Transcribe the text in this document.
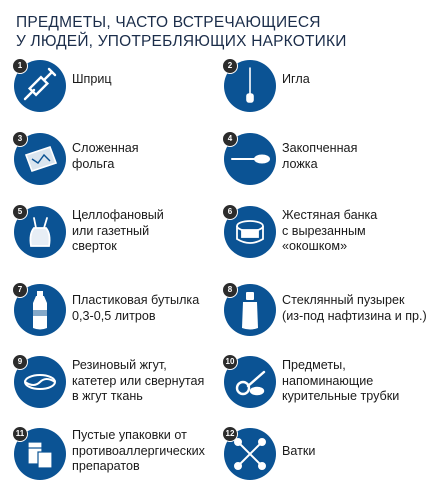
ПРЕДМЕТЫ, ЧАСТО ВСТРЕЧАЮЩИЕСЯ
У ЛЮДЕЙ, УПОТРЕБЛЯЮЩИХ НАРКОТИКИ
1
Шприц
2
Игла
3
Сложенная
фольга
4
Закопченная
ложка
5	Целлофановый
или газетный
сверток
6	Жестяная банка
с вырезанным
«окошком»
7
Пластиковая бутылка
0,3-0,5 литров
8
Стеклянный пузырек
(из-под нафтизина и пр.)
9	Резиновый жгут,
катетер или свернутая
в жгут ткань
10	Предметы,
напоминающие
курительные трубки
11	Пустые упаковки от
противоаллергических
препаратов
12
Ватки
